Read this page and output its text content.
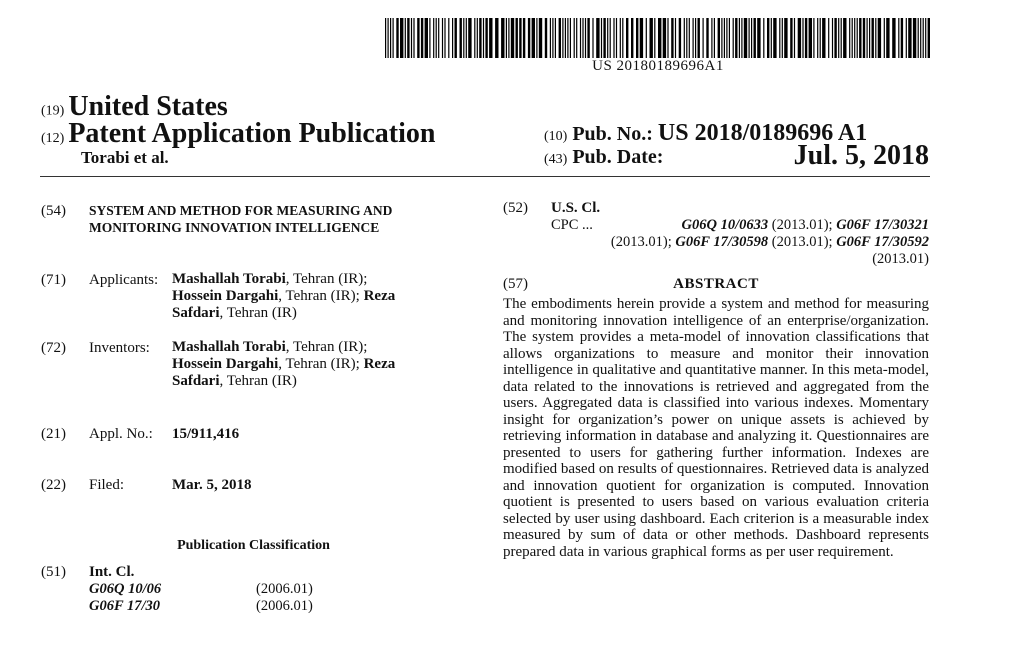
US 20180189696A1
(19) United States
(12) Patent Application Publication
Torabi et al.
(10) Pub. No.: US 2018/0189696 A1
(43) Pub. Date:	Jul. 5, 2018
(54) SYSTEM AND METHOD FOR MEASURING AND MONITORING INNOVATION INTELLIGENCE
(71) Applicants: Mashallah Torabi, Tehran (IR);
Hossein Dargahi, Tehran (IR); Reza
Safdari, Tehran (IR)
(72) Inventors: Mashallah Torabi, Tehran (IR);
Hossein Dargahi, Tehran (IR); Reza
Safdari, Tehran (IR)
(21) Appl. No.: 15/911,416
(22) Filed:	Mar. 5, 2018
Publication Classification
(51) Int. Cl.
G06Q 10/06	(2006.01)
G06F 17/30	(2006.01)
(52) U.S. Cl.
CPC ...	G06Q 10/0633 (2013.01); G06F 17/30321
(2013.01); G06F 17/30598 (2013.01); G06F 17/30592 (2013.01)
(57)	ABSTRACT
The embodiments herein provide a system and method for measuring and monitoring innovation intelligence of an enterprise/organization. The system provides a meta-model of innovation classifications that allows organizations to measure and monitor their innovation intelligence in qualitative and quantitative manner. In this meta-model, data related to the innovations is retrieved and aggregated from the users. Aggregated data is classified into various indexes. Momentary insight for organization’s power on unique assets is achieved by retrieving information in database and analyzing it. Questionnaires are presented to users for gathering further information. Indexes are modified based on results of questionnaires. Retrieved data is analyzed and innovation quotient for organization is computed. Innovation quotient is presented to users based on various evaluation criteria selected by user using dashboard. Each criterion is a measurable index measured by sum of data or other methods. Dashboard represents prepared data in various graphical forms as per user requirement.
